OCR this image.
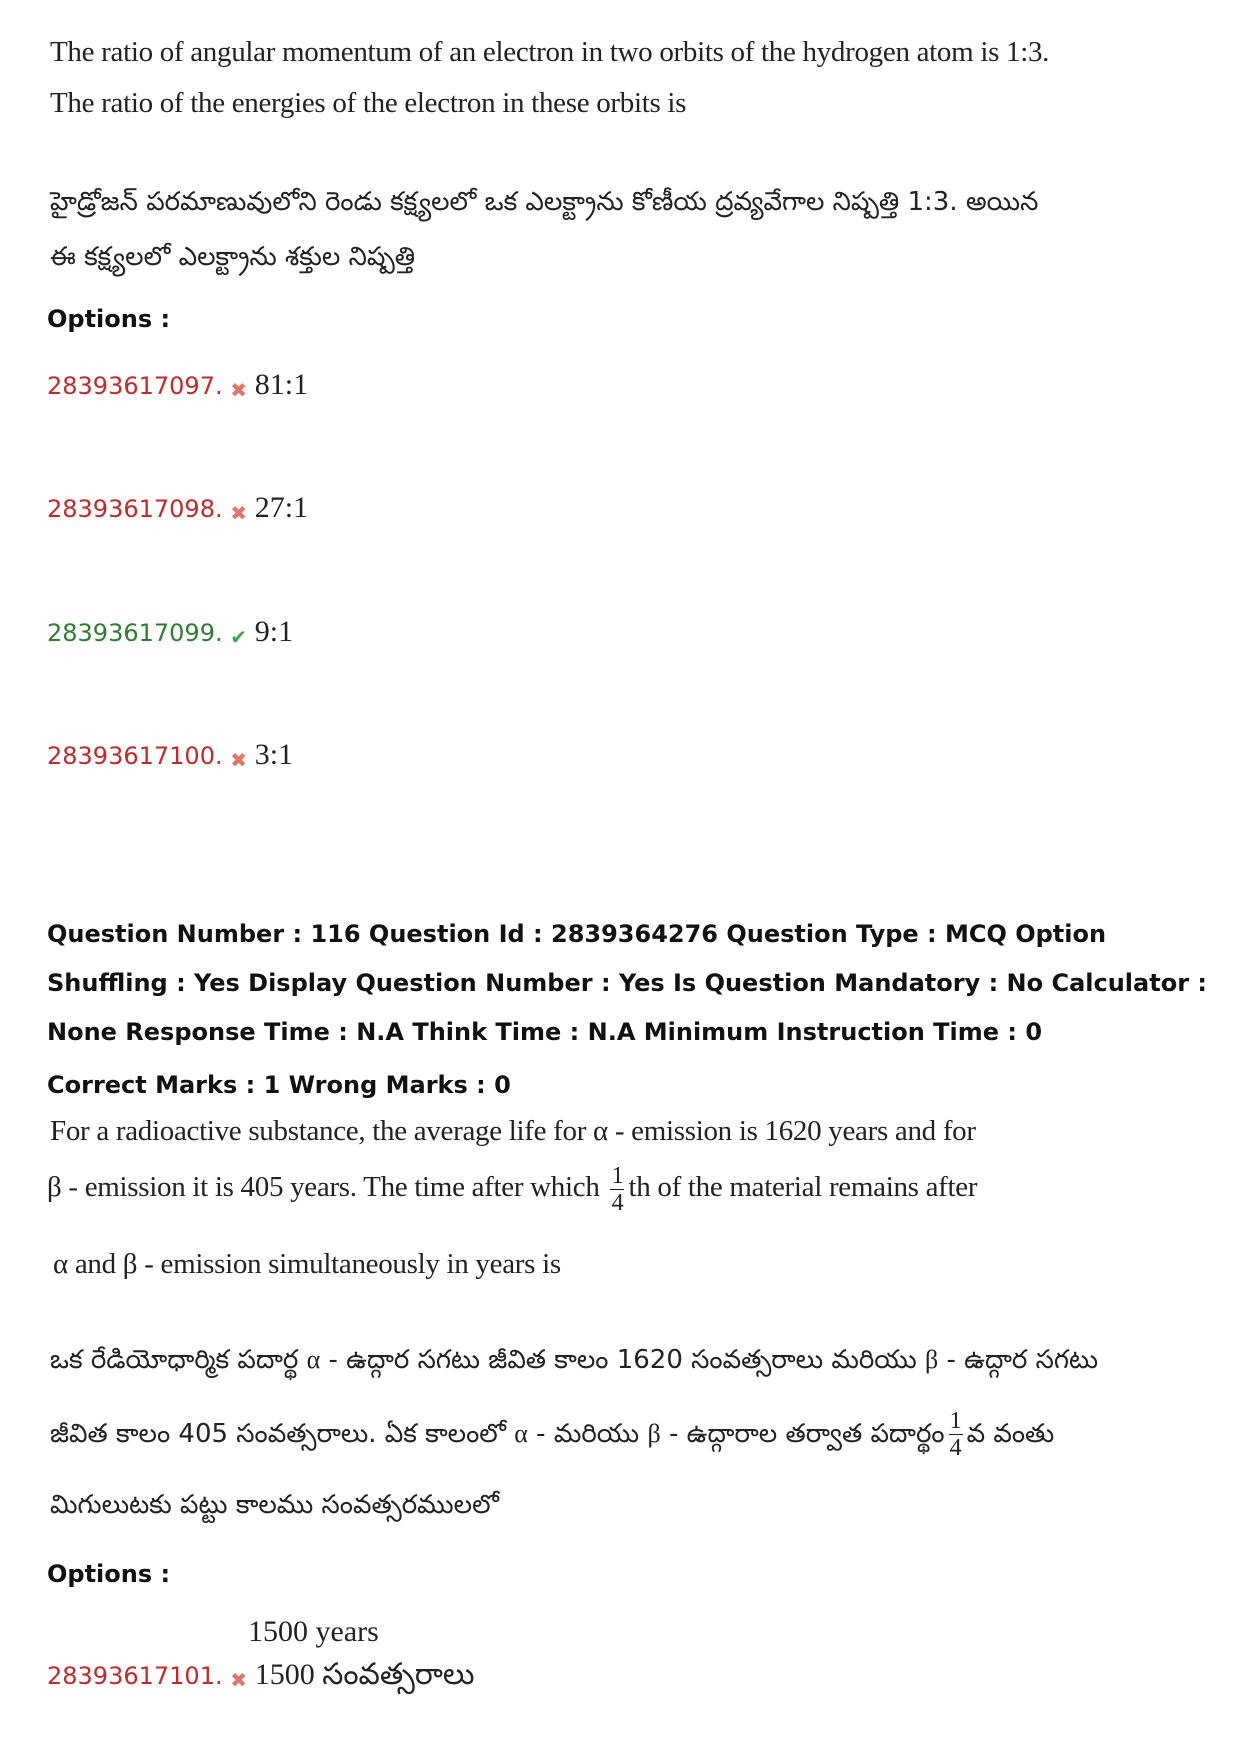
The ratio of angular momentum of an electron in two orbits of the hydrogen atom is 1:3.
The ratio of the energies of the electron in these orbits is
హైడ్రోజన్ పరమాణువులోని రెండు కక్ష్యలలో ఒక ఎలక్ట్రాను కోణీయ ద్రవ్యవేగాల నిష్పత్తి 1:3. అయిన
ఈ కక్ష్యలలో ఎలక్ట్రాను శక్తుల నిష్పత్తి
Options :
28393617097. ✖ 81:1
28393617098. ✖ 27:1
28393617099. ✔ 9:1
28393617100. ✖ 3:1
Question Number : 116 Question Id : 2839364276 Question Type : MCQ Option Shuffling : Yes Display Question Number : Yes Is Question Mandatory : No Calculator : None Response Time : N.A Think Time : N.A Minimum Instruction Time : 0
Correct Marks : 1 Wrong Marks : 0
For a radioactive substance, the average life for α - emission is 1620 years and for
β - emission it is 405 years. The time after which $\frac{1}{4}$ th of the material remains after
α and β - emission simultaneously in years is
ఒక రేడియోధార్మిక పదార్థ α - ఉద్గార సగటు జీవిత కాలం 1620 సంవత్సరాలు మరియు β - ఉద్గార సగటు
జీవిత కాలం 405 సంవత్సరాలు. ఏక కాలంలో α - మరియు β - ఉద్గారాల తర్వాత పదార్థం $\frac{1}{4}$ వ వంతు
మిగులుటకు పట్టు కాలము సంవత్సరములలో
Options :
1500 years
28393617101. ✖ 1500 సంవత్సరాలు
